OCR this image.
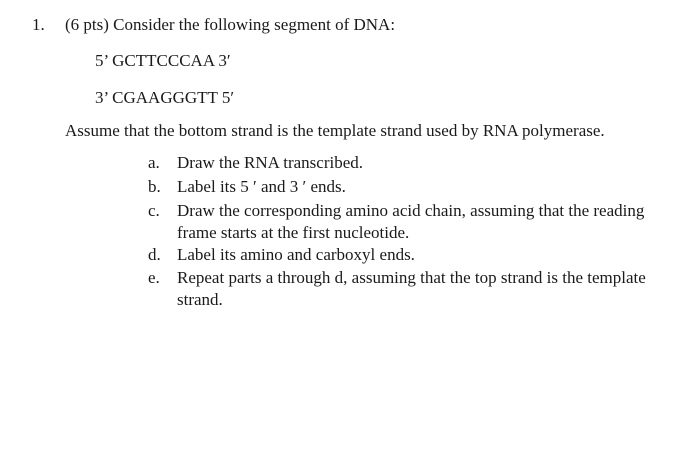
1. (6 pts) Consider the following segment of DNA:
5’ GCTTCCCAA 3′
3’ CGAAGGGTT 5′
Assume that the bottom strand is the template strand used by RNA polymerase.
a.	Draw the RNA transcribed.
b. Label its 5 ′ and 3 ′ ends.
c.	Draw the corresponding amino acid chain, assuming that the reading
frame starts at the first nucleotide.
d. Label its amino and carboxyl ends.
e.	Repeat parts a through d, assuming that the top strand is the template
strand.
